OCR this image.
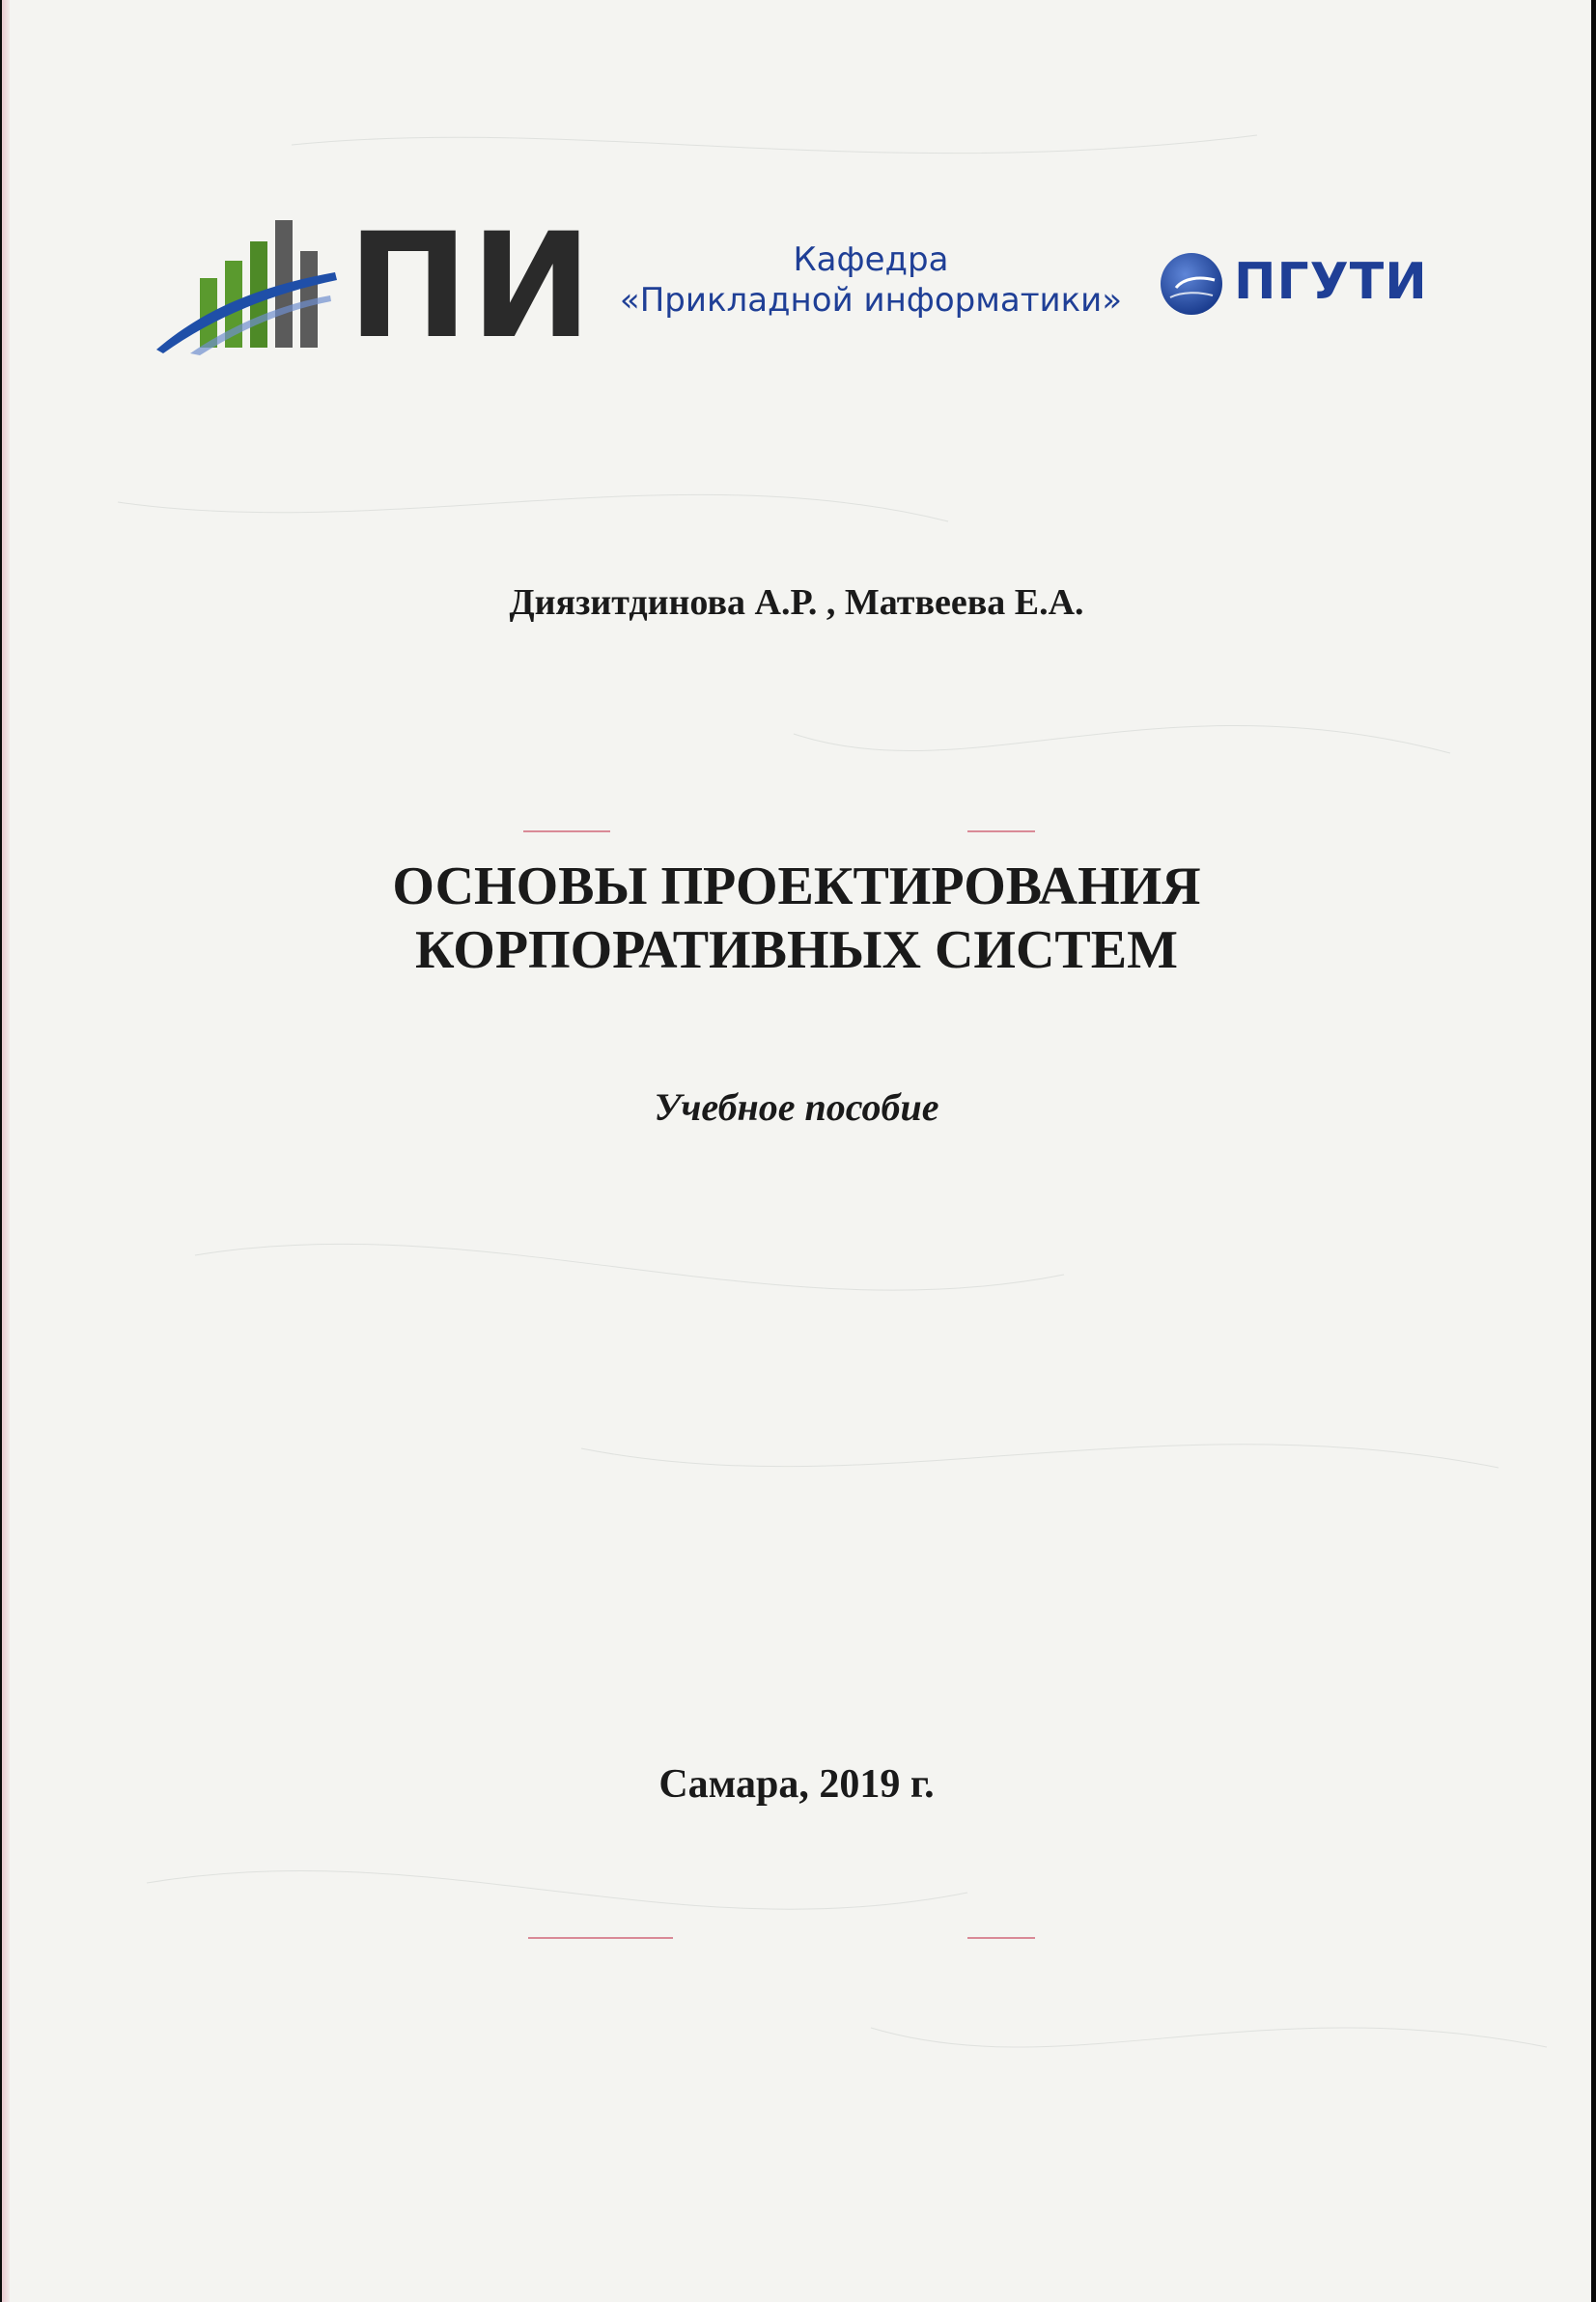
ПИ	Кафедра
«Прикладной информатики»	ПГУТИ
Диязитдинова А.Р. , Матвеева Е.А.
ОСНОВЫ ПРОЕКТИРОВАНИЯ
КОРПОРАТИВНЫХ СИСТЕМ
Учебное пособие
Самара, 2019 г.
